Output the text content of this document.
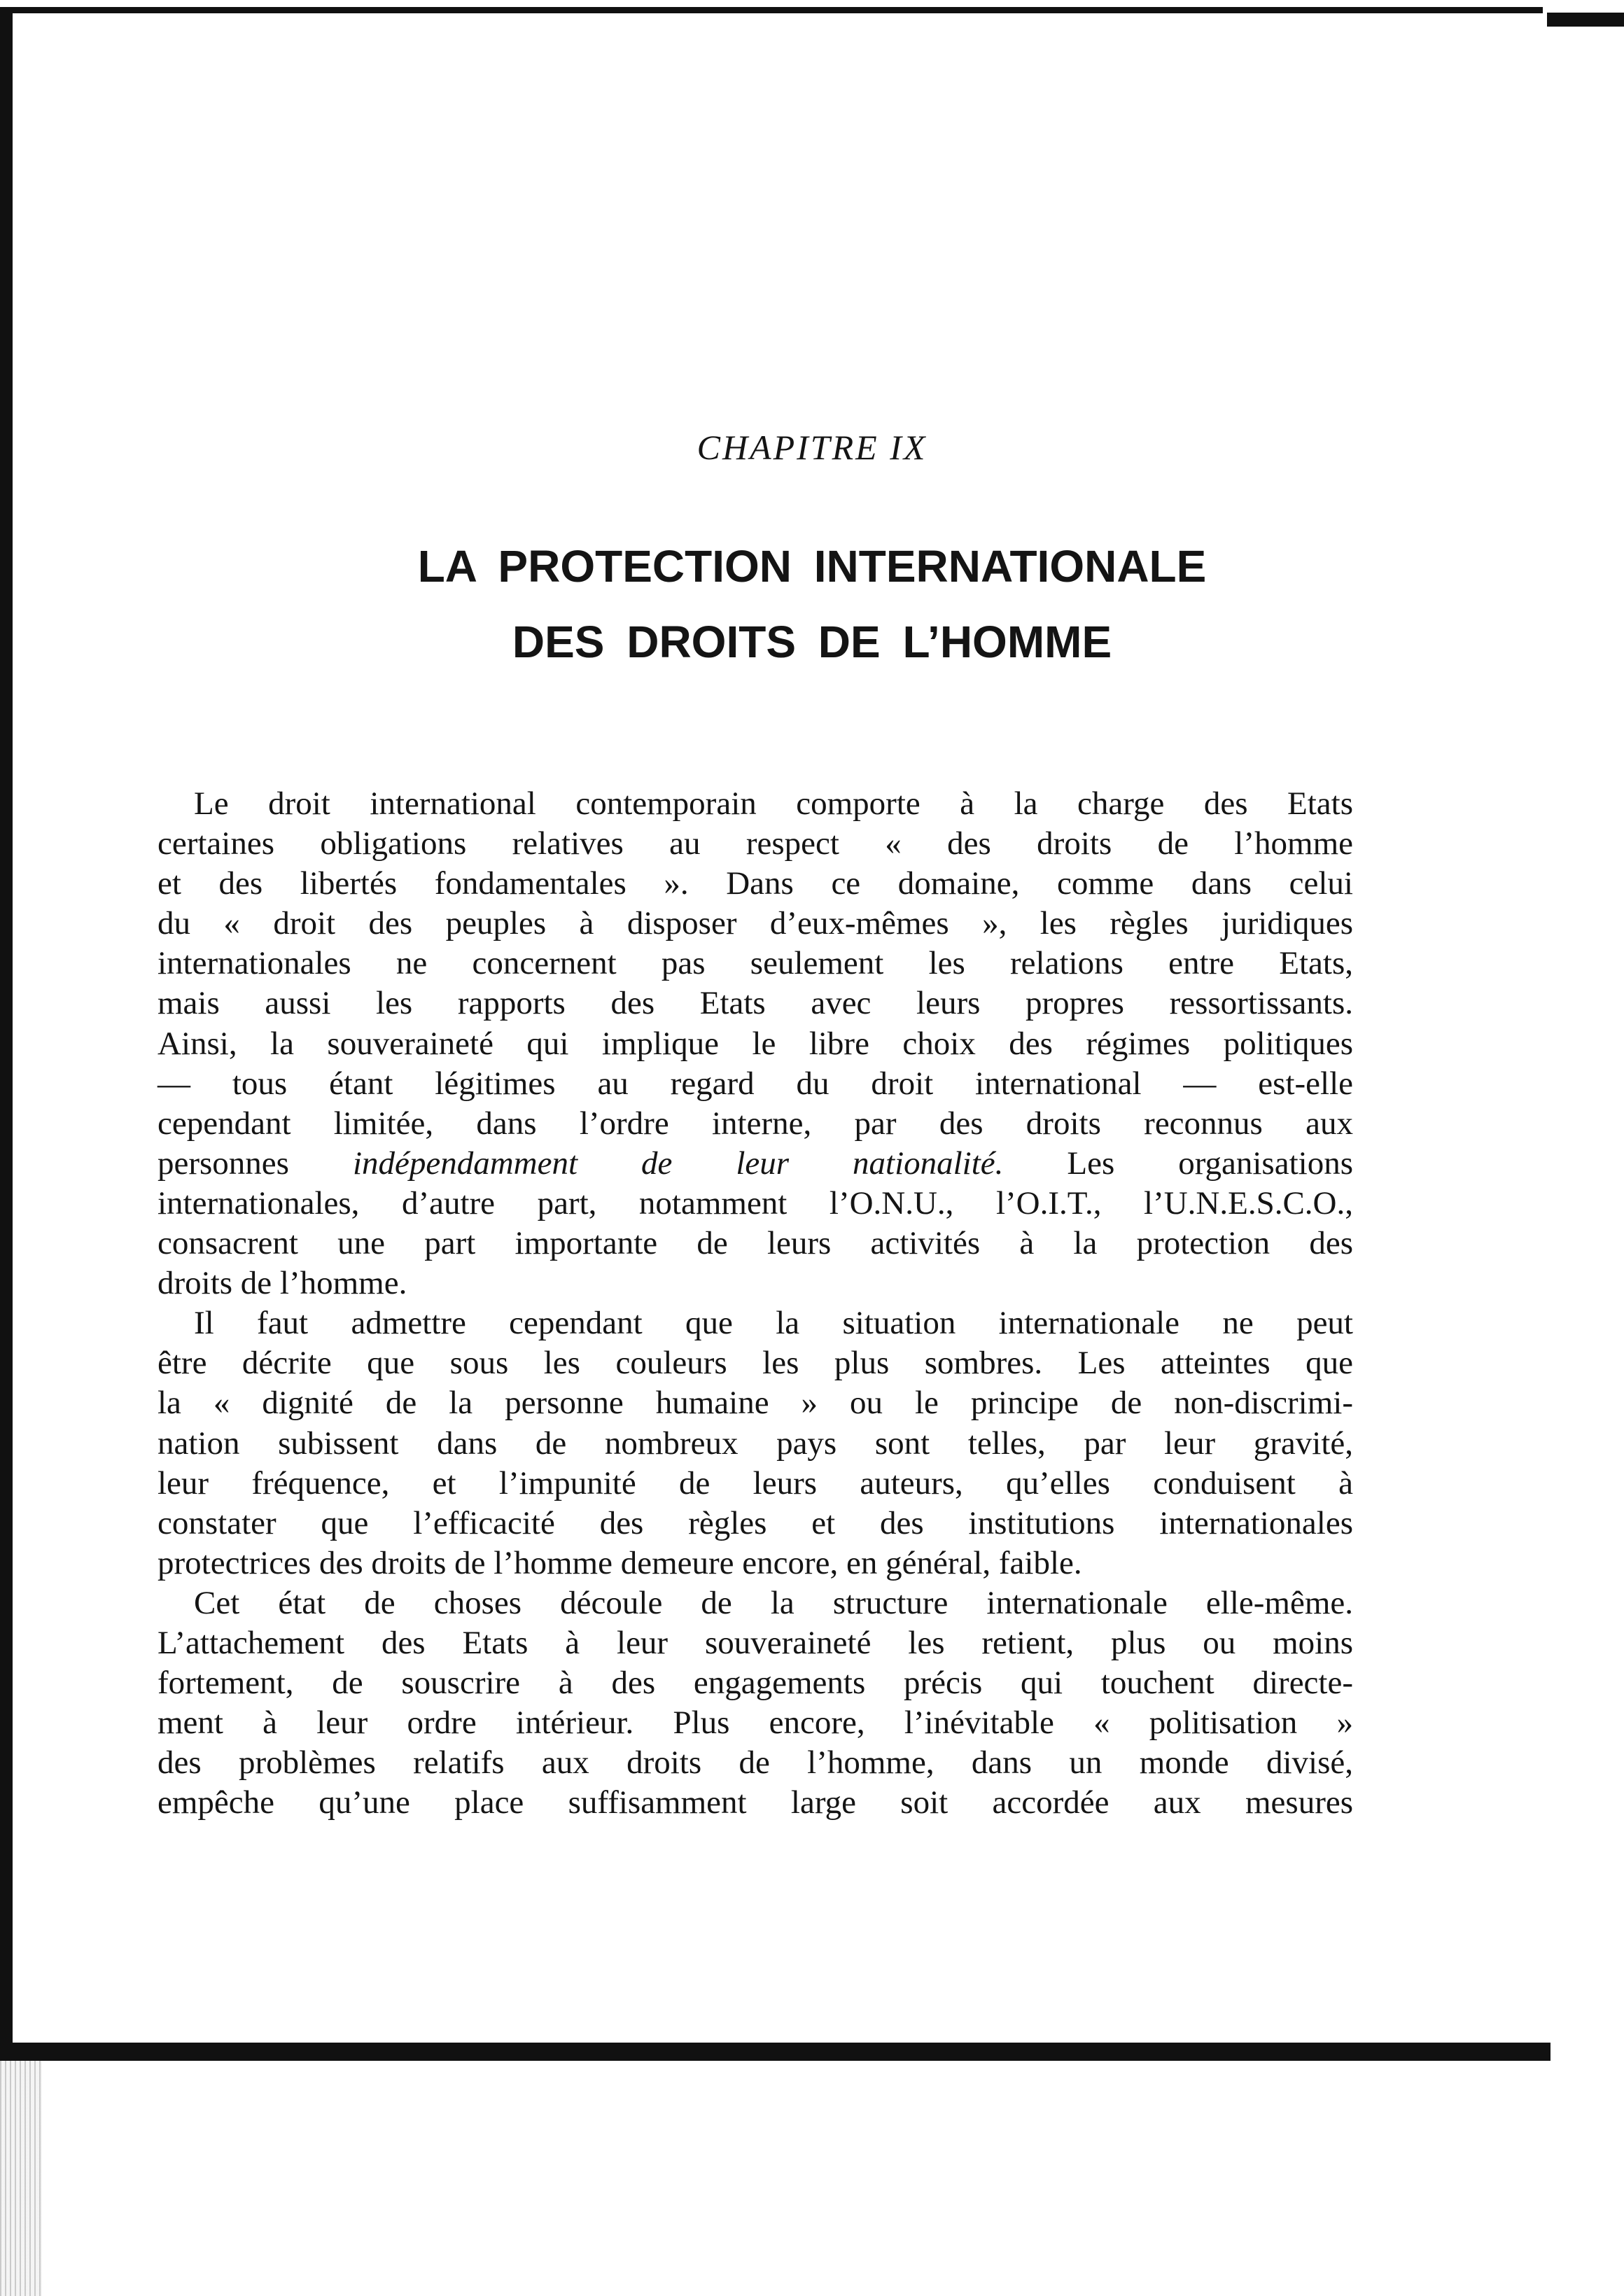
CHAPITRE IX
LA PROTECTION INTERNATIONALE
DES DROITS DE L’HOMME
Le droit international contemporain comporte à la charge des Etats
certaines obligations relatives au respect « des droits de l’homme
et des libertés fondamentales ». Dans ce domaine, comme dans celui
du « droit des peuples à disposer d’eux-mêmes », les règles juridiques
internationales ne concernent pas seulement les relations entre Etats,
mais aussi les rapports des Etats avec leurs propres ressortissants.
Ainsi, la souveraineté qui implique le libre choix des régimes politiques
— tous étant légitimes au regard du droit international — est-elle
cependant limitée, dans l’ordre interne, par des droits reconnus aux
personnes indépendamment de leur nationalité. Les organisations
internationales, d’autre part, notamment l’O.N.U., l’O.I.T., l’U.N.E.S.C.O.,
consacrent une part importante de leurs activités à la protection des
droits de l’homme.
Il faut admettre cependant que la situation internationale ne peut
être décrite que sous les couleurs les plus sombres. Les atteintes que
la « dignité de la personne humaine » ou le principe de non-discrimi-
nation subissent dans de nombreux pays sont telles, par leur gravité,
leur fréquence, et l’impunité de leurs auteurs, qu’elles conduisent à
constater que l’efficacité des règles et des institutions internationales
protectrices des droits de l’homme demeure encore, en général, faible.
Cet état de choses découle de la structure internationale elle-même.
L’attachement des Etats à leur souveraineté les retient, plus ou moins
fortement, de souscrire à des engagements précis qui touchent directe-
ment à leur ordre intérieur. Plus encore, l’inévitable « politisation »
des problèmes relatifs aux droits de l’homme, dans un monde divisé,
empêche qu’une place suffisamment large soit accordée aux mesures
